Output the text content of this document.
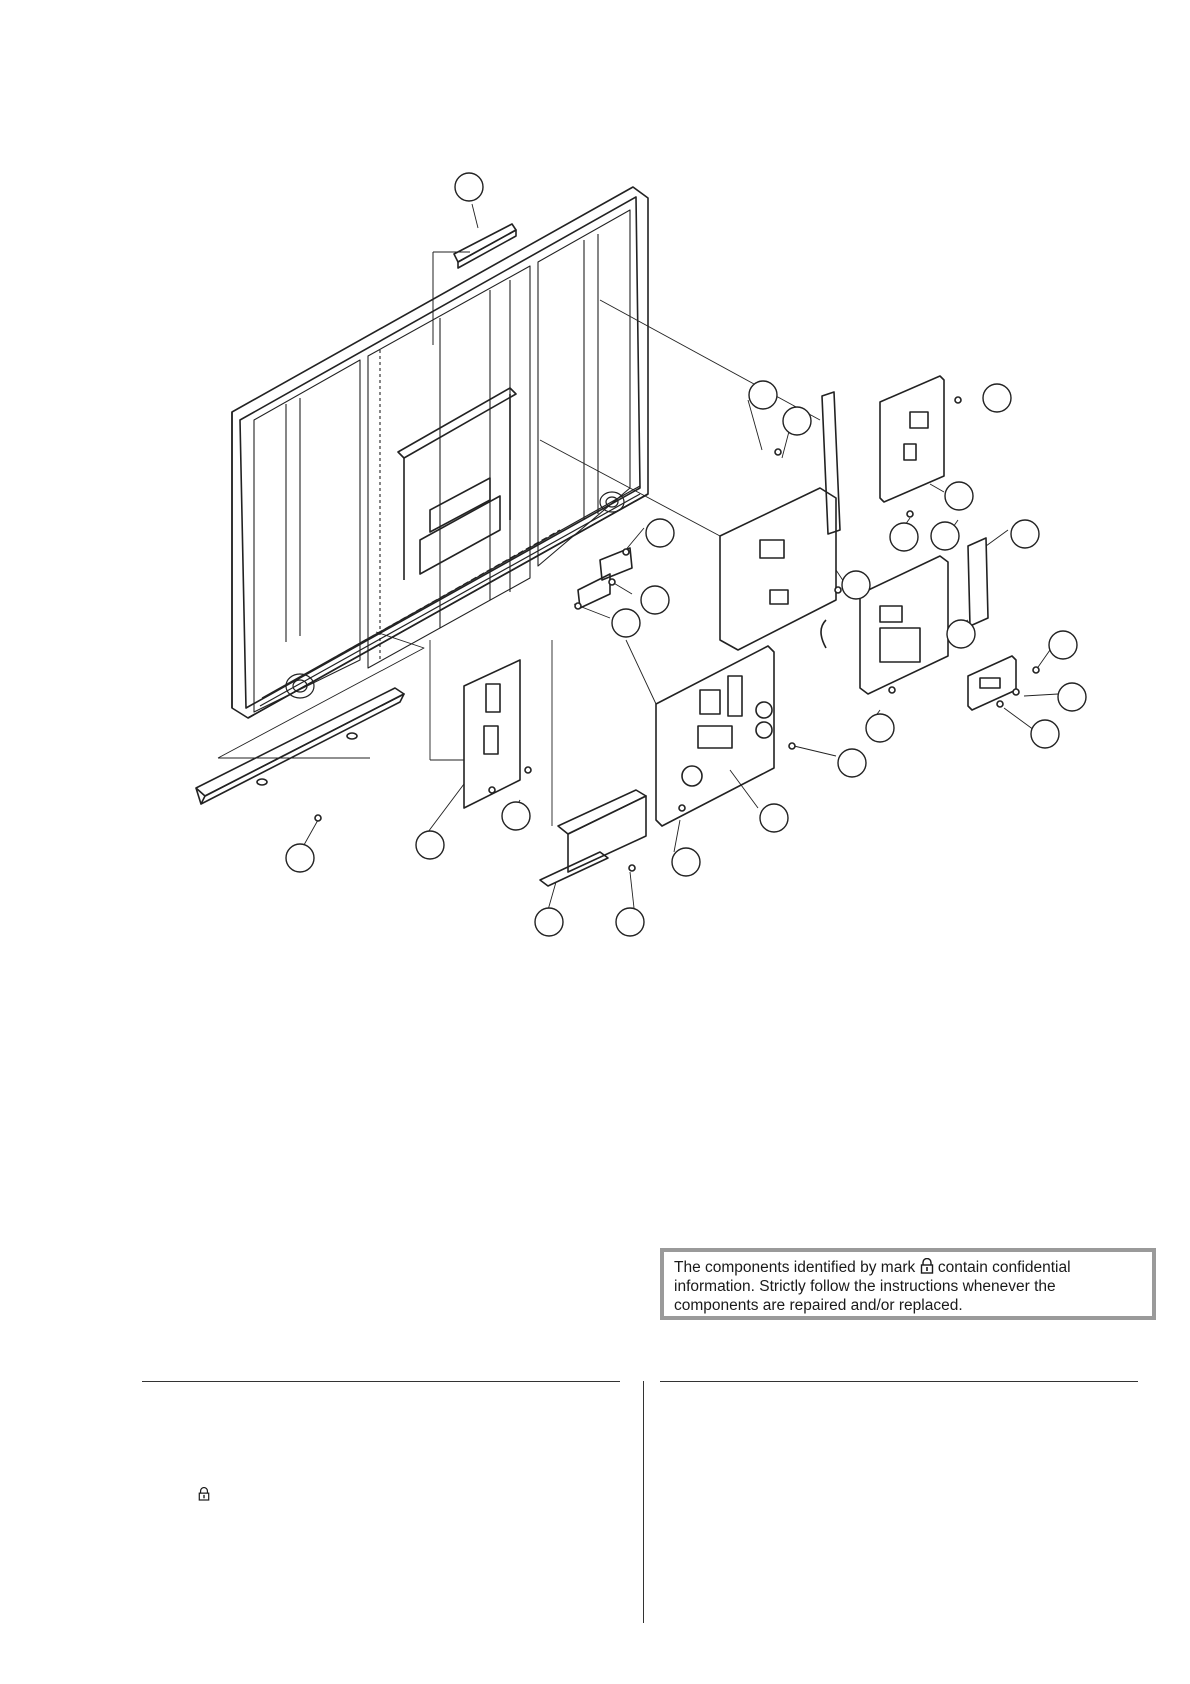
The components identified by mark  contain confidential
information. Strictly follow the instructions whenever the
components are repaired and/or replaced.
